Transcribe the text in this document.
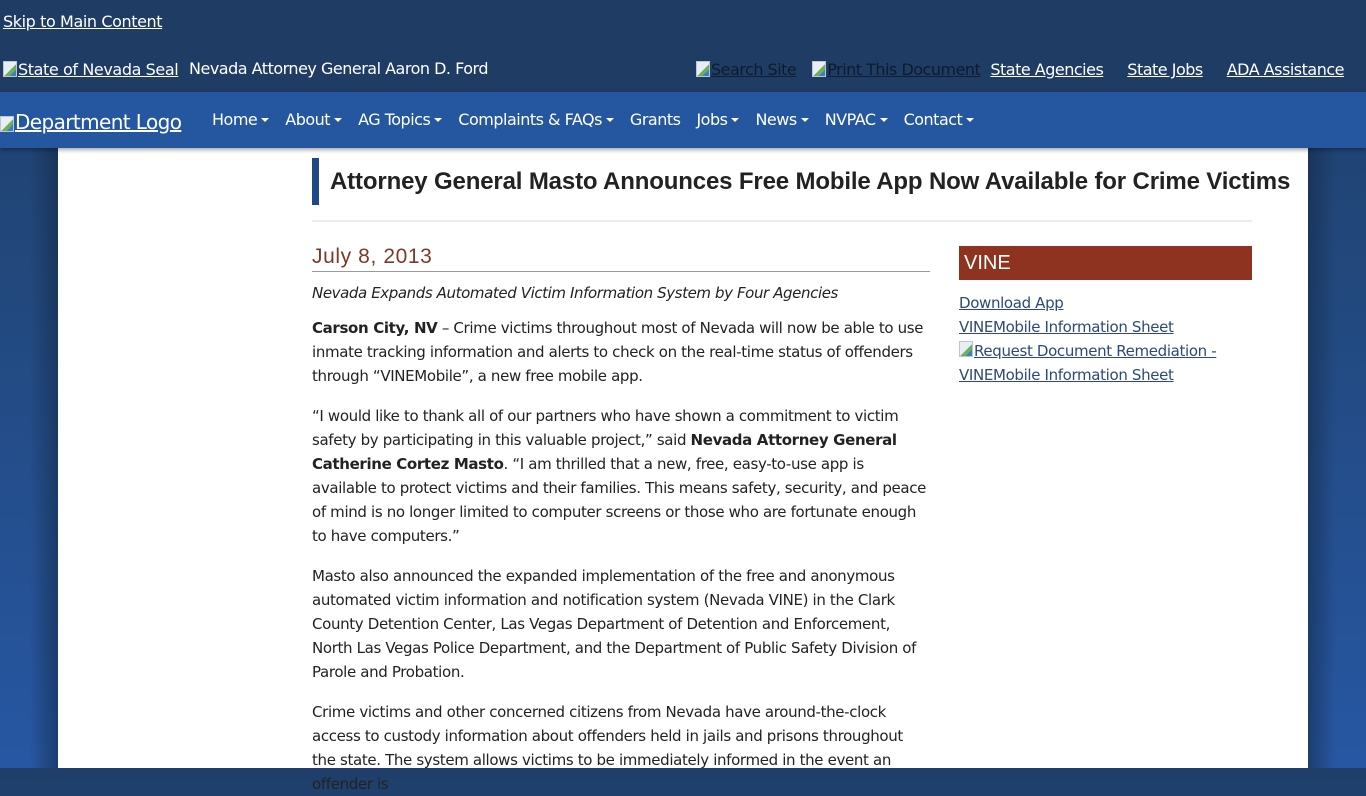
Skip to Main Content
State of Nevada Seal Nevada Attorney General Aaron D. Ford	Search Site Print This Document State Agencies State Jobs ADA Assistance
Department Logo Home About AG Topics Complaints & FAQs Grants Jobs News NVPAC Contact
Attorney General Masto Announces Free Mobile App Now Available for Crime Victims
July 8, 2013

Nevada Expands Automated Victim Information System by Four Agencies

Carson City, NV – Crime victims throughout most of Nevada will now be able to use inmate tracking information and alerts to check on the real-time status of offenders through “VINEMobile”, a new free mobile app.

“I would like to thank all of our partners who have shown a commitment to victim safety by participating in this valuable project,” said Nevada Attorney General Catherine Cortez Masto. “I am thrilled that a new, free, easy-to-use app is available to protect victims and their families. This means safety, security, and peace of mind is no longer limited to computer screens or those who are fortunate enough to have computers.”

Masto also announced the expanded implementation of the free and anonymous automated victim information and notification system (Nevada VINE) in the Clark County Detention Center, Las Vegas Department of Detention and Enforcement, North Las Vegas Police Department, and the Department of Public Safety Division of Parole and Probation.

Crime victims and other concerned citizens from Nevada have around-the-clock access to custody information about offenders held in jails and prisons throughout the state. The system allows victims to be immediately informed in the event an offender is

VINE
Download App
VINEMobile Information Sheet
Request Document Remediation - VINEMobile Information Sheet
